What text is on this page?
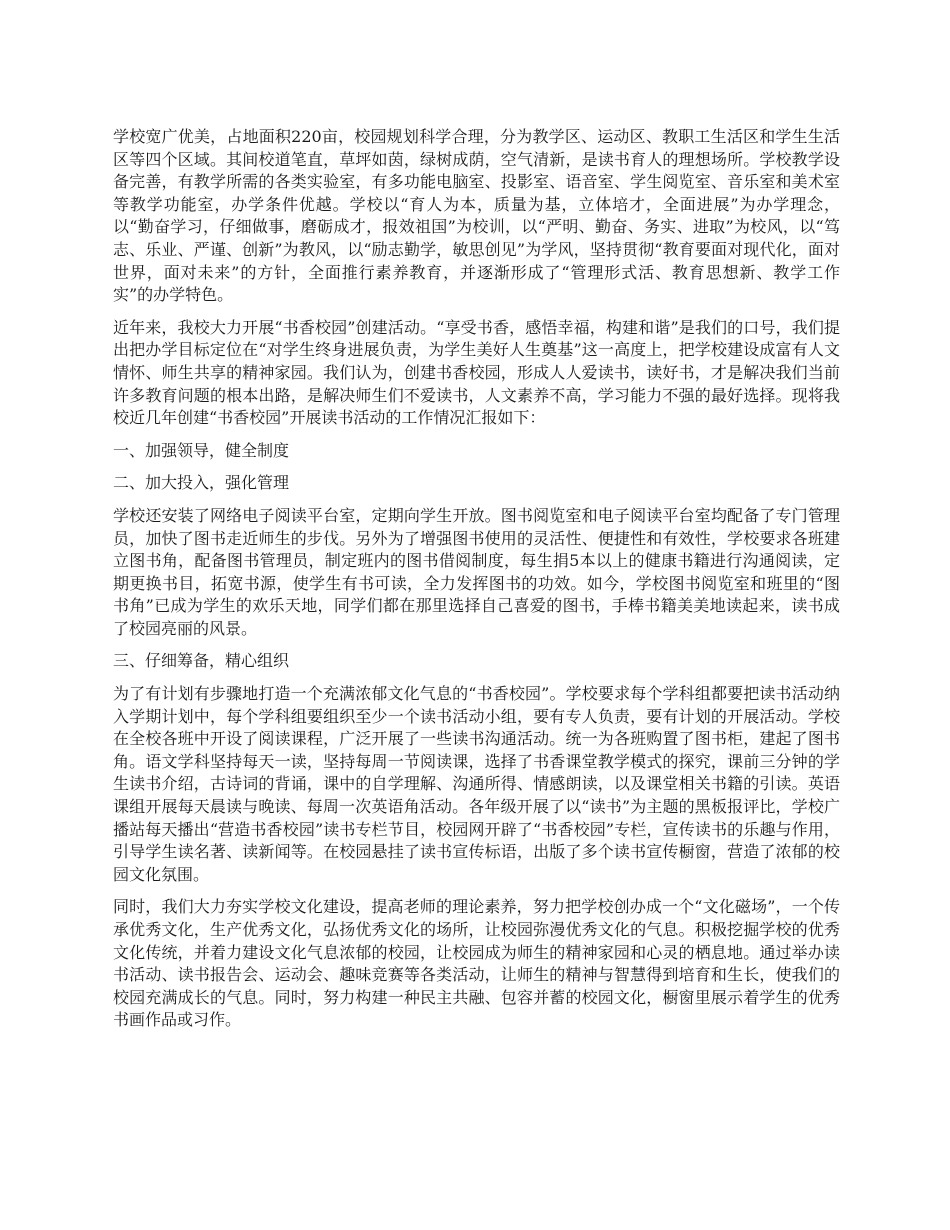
学校宽广优美，占地面积220亩，校园规划科学合理，分为教学区、运动区、教职工生活区和学生生活区等四个区域。其间校道笔直，草坪如茵，绿树成荫，空气清新，是读书育人的理想场所。学校教学设备完善，有教学所需的各类实验室，有多功能电脑室、投影室、语音室、学生阅览室、音乐室和美术室等教学功能室，办学条件优越。学校以“育人为本，质量为基，立体培才，全面进展”为办学理念，以“勤奋学习，仔细做事，磨砺成才，报效祖国”为校训，以“严明、勤奋、务实、进取”为校风，以“笃志、乐业、严谨、创新”为教风，以“励志勤学，敏思创见”为学风，坚持贯彻“教育要面对现代化，面对世界，面对未来”的方针，全面推行素养教育，并逐渐形成了“管理形式活、教育思想新、教学工作实”的办学特色。

近年来，我校大力开展“书香校园”创建活动。“享受书香，感悟幸福，构建和谐”是我们的口号，我们提出把办学目标定位在“对学生终身进展负责，为学生美好人生奠基”这一高度上，把学校建设成富有人文情怀、师生共享的精神家园。我们认为，创建书香校园，形成人人爱读书，读好书，才是解决我们当前许多教育问题的根本出路，是解决师生们不爱读书，人文素养不高，学习能力不强的最好选择。现将我校近几年创建“书香校园”开展读书活动的工作情况汇报如下：

一、加强领导，健全制度

二、加大投入，强化管理

学校还安装了网络电子阅读平台室，定期向学生开放。图书阅览室和电子阅读平台室均配备了专门管理员，加快了图书走近师生的步伐。另外为了增强图书使用的灵活性、便捷性和有效性，学校要求各班建立图书角，配备图书管理员，制定班内的图书借阅制度，每生捐5本以上的健康书籍进行沟通阅读，定期更换书目，拓宽书源，使学生有书可读，全力发挥图书的功效。如今，学校图书阅览室和班里的“图书角”已成为学生的欢乐天地，同学们都在那里选择自己喜爱的图书，手棒书籍美美地读起来，读书成了校园亮丽的风景。

三、仔细筹备，精心组织

为了有计划有步骤地打造一个充满浓郁文化气息的“书香校园”。学校要求每个学科组都要把读书活动纳入学期计划中，每个学科组要组织至少一个读书活动小组，要有专人负责，要有计划的开展活动。学校在全校各班中开设了阅读课程，广泛开展了一些读书沟通活动。统一为各班购置了图书柜，建起了图书角。语文学科坚持每天一读，坚持每周一节阅读课，选择了书香课堂教学模式的探究，课前三分钟的学生读书介绍，古诗词的背诵，课中的自学理解、沟通所得、情感朗读，以及课堂相关书籍的引读。英语课组开展每天晨读与晚读、每周一次英语角活动。各年级开展了以“读书”为主题的黑板报评比，学校广播站每天播出“营造书香校园”读书专栏节目，校园网开辟了“书香校园”专栏，宣传读书的乐趣与作用，引导学生读名著、读新闻等。在校园悬挂了读书宣传标语，出版了多个读书宣传橱窗，营造了浓郁的校园文化氛围。

同时，我们大力夯实学校文化建设，提高老师的理论素养，努力把学校创办成一个“文化磁场”，一个传承优秀文化，生产优秀文化，弘扬优秀文化的场所，让校园弥漫优秀文化的气息。积极挖掘学校的优秀文化传统，并着力建设文化气息浓郁的校园，让校园成为师生的精神家园和心灵的栖息地。通过举办读书活动、读书报告会、运动会、趣味竞赛等各类活动，让师生的精神与智慧得到培育和生长，使我们的校园充满成长的气息。同时，努力构建一种民主共融、包容并蓄的校园文化，橱窗里展示着学生的优秀书画作品或习作。
